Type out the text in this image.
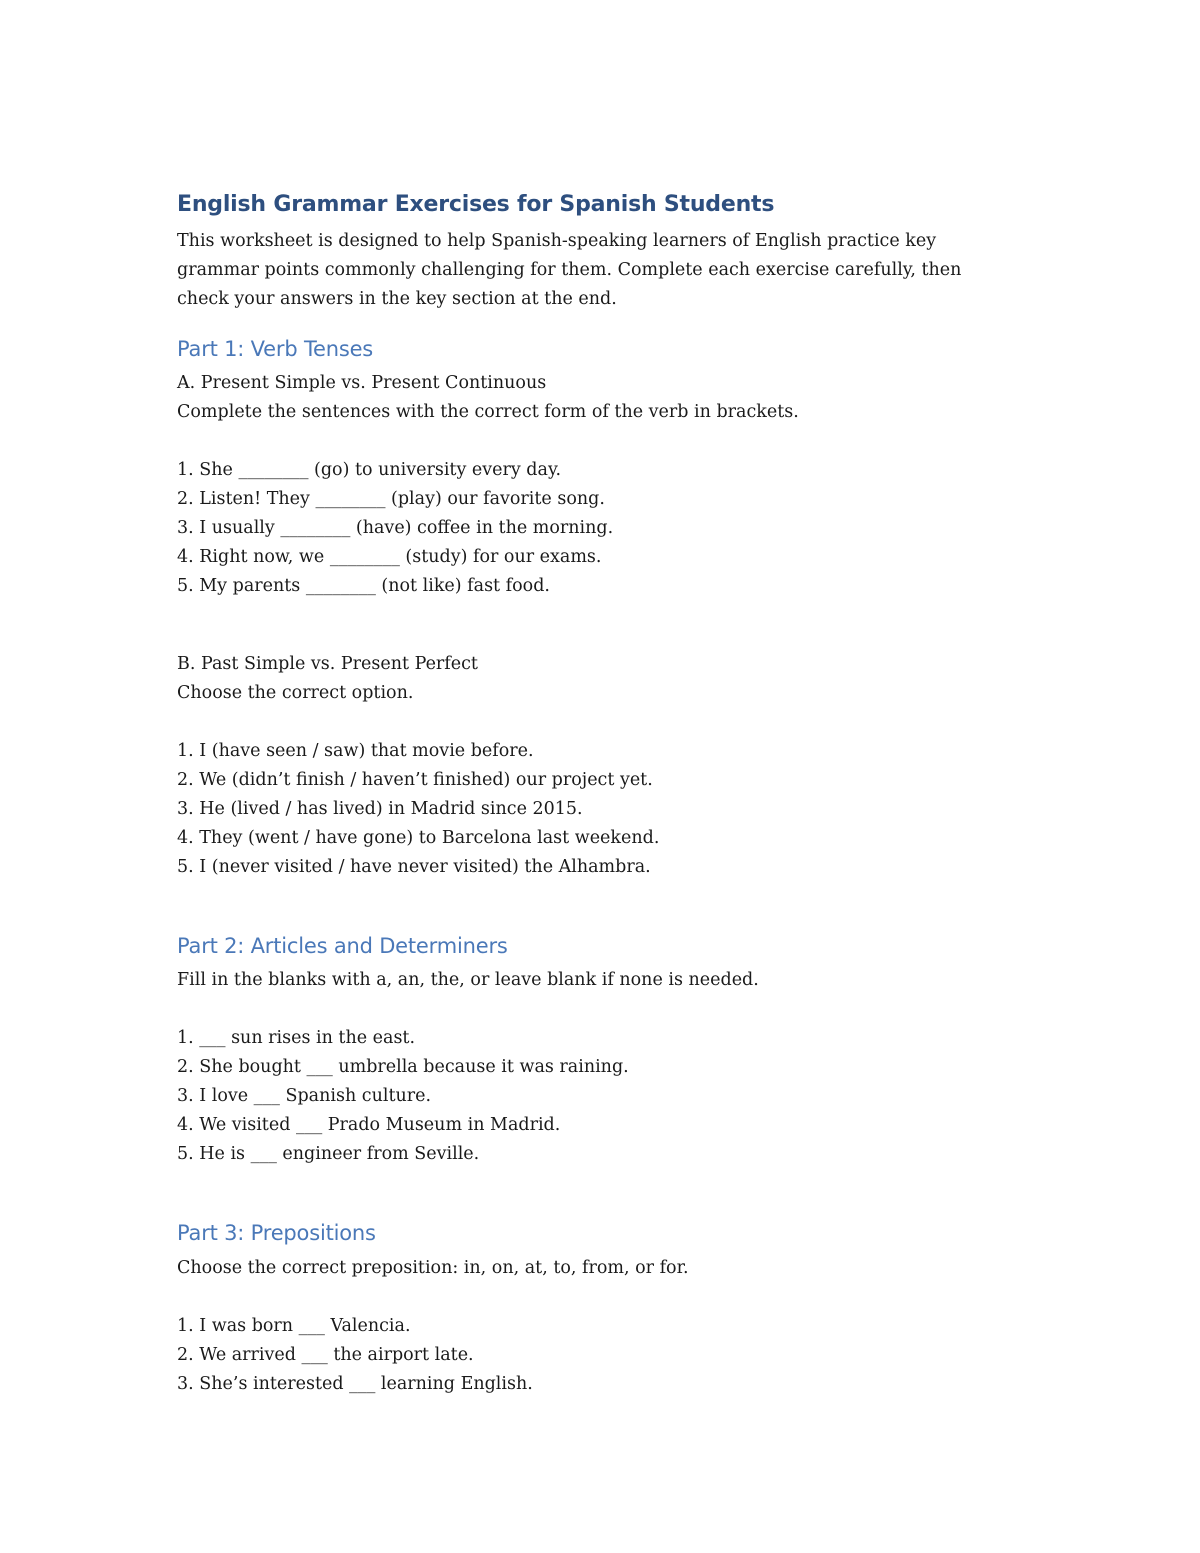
English Grammar Exercises for Spanish Students

This worksheet is designed to help Spanish-speaking learners of English practice key grammar points commonly challenging for them. Complete each exercise carefully, then check your answers in the key section at the end.

Part 1: Verb Tenses

A. Present Simple vs. Present Continuous

Complete the sentences with the correct form of the verb in brackets.

1. She ________ (go) to university every day.
2. Listen! They ________ (play) our favorite song.
3. I usually ________ (have) coffee in the morning.
4. Right now, we ________ (study) for our exams.
5. My parents ________ (not like) fast food.

B. Past Simple vs. Present Perfect

Choose the correct option.

1. I (have seen / saw) that movie before.
2. We (didn’t finish / haven’t finished) our project yet.
3. He (lived / has lived) in Madrid since 2015.
4. They (went / have gone) to Barcelona last weekend.
5. I (never visited / have never visited) the Alhambra.
Part 2: Articles and Determiners

Fill in the blanks with a, an, the, or leave blank if none is needed.

1. ___ sun rises in the east.
2. She bought ___ umbrella because it was raining.
3. I love ___ Spanish culture.
4. We visited ___ Prado Museum in Madrid.
5. He is ___ engineer from Seville.
Part 3: Prepositions

Choose the correct preposition: in, on, at, to, from, or for.

1. I was born ___ Valencia.
2. We arrived ___ the airport late.
3. She’s interested ___ learning English.
